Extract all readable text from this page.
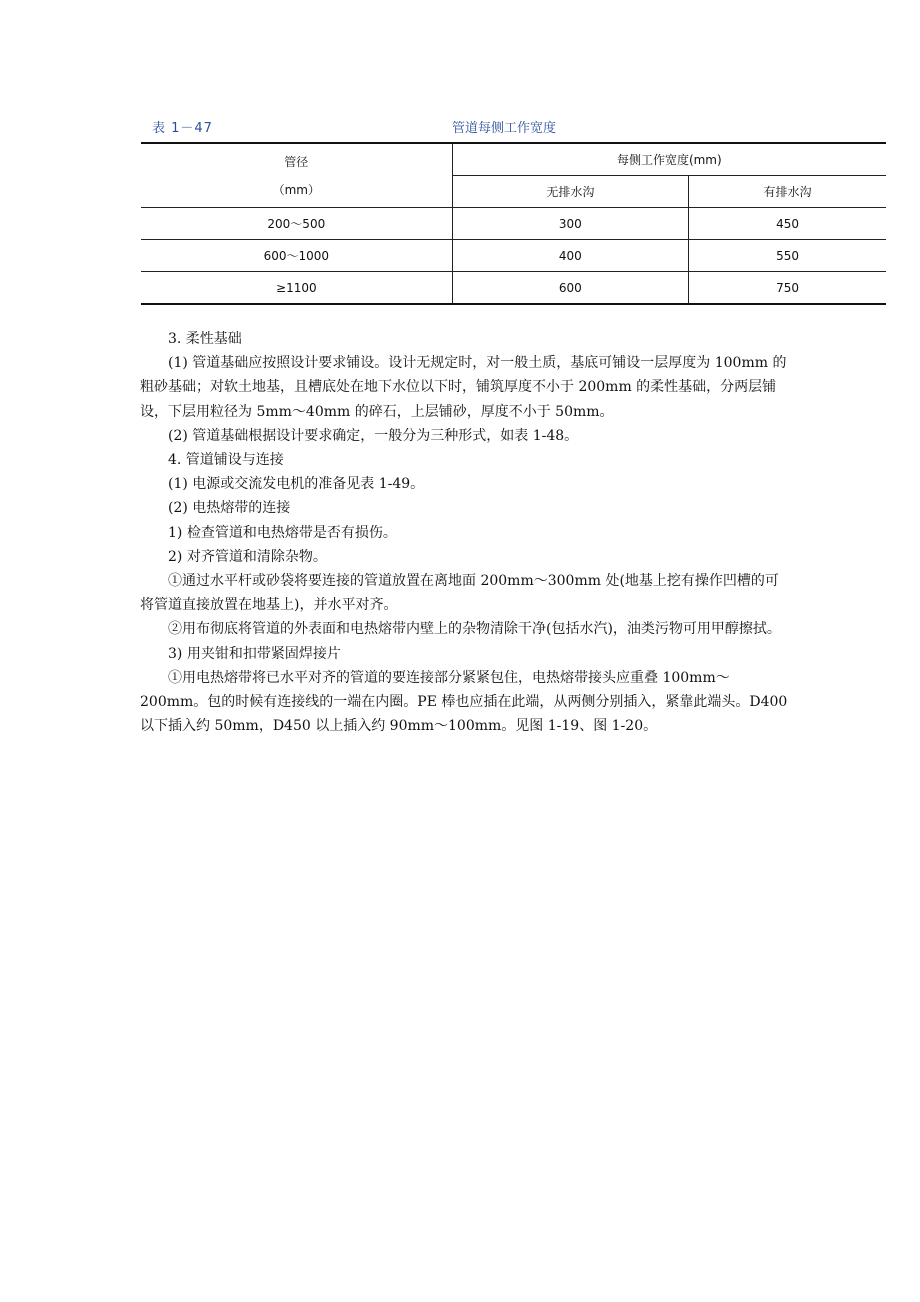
表 1－47	管道每侧工作宽度
管径
（mm）	每侧工作宽度(mm)	
	无排水沟	有排水沟
200～500	300	450
600～1000	400	550
≥1100	600	750

3. 柔性基础

(1) 管道基础应按照设计要求铺设。设计无规定时，对一般土质，基底可铺设一层厚度为 100mm 的粗砂基础；对软土地基，且槽底处在地下水位以下时，铺筑厚度不小于 200mm 的柔性基础，分两层铺设，下层用粒径为 5mm～40mm 的碎石，上层铺砂，厚度不小于 50mm。

(2) 管道基础根据设计要求确定，一般分为三种形式，如表 1-48。

4. 管道铺设与连接

(1) 电源或交流发电机的准备见表 1-49。

(2) 电热熔带的连接

1) 检查管道和电热熔带是否有损伤。

2) 对齐管道和清除杂物。

①通过水平杆或砂袋将要连接的管道放置在离地面 200mm～300mm 处(地基上挖有操作凹槽的可将管道直接放置在地基上)，并水平对齐。

②用布彻底将管道的外表面和电热熔带内壁上的杂物清除干净(包括水汽)，油类污物可用甲醇擦拭。

3) 用夹钳和扣带紧固焊接片

①用电热熔带将已水平对齐的管道的要连接部分紧紧包住，电热熔带接头应重叠 100mm～200mm。包的时候有连接线的一端在内圈。PE 棒也应插在此端，从两侧分别插入，紧靠此端头。D400 以下插入约 50mm，D450 以上插入约 90mm～100mm。见图 1-19、图 1-20。
